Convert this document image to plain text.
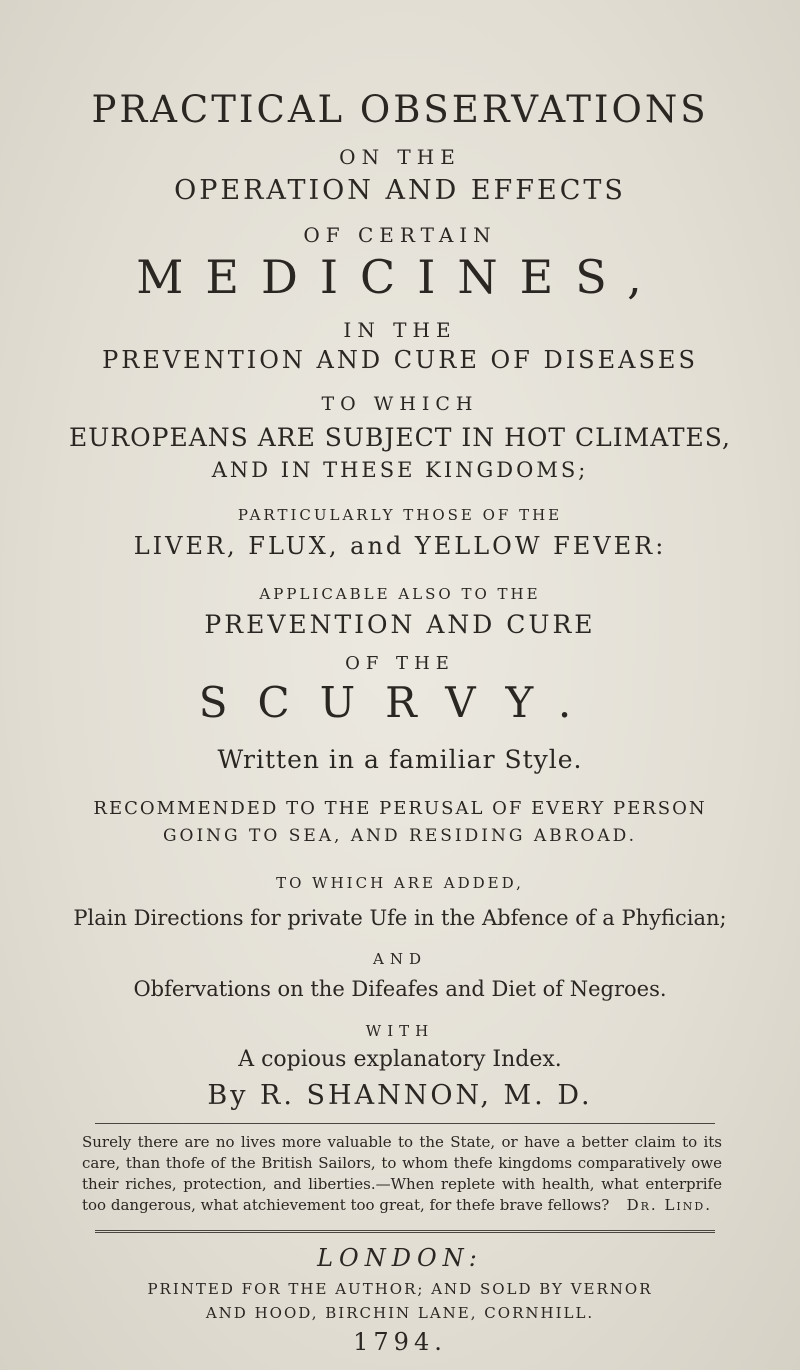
PRACTICAL OBSERVATIONS
ON THE
OPERATION AND EFFECTS
OF CERTAIN
MEDICINES,
IN THE
PREVENTION AND CURE OF DISEASES
TO WHICH
EUROPEANS ARE SUBJECT IN HOT CLIMATES,
AND IN THESE KINGDOMS;
PARTICULARLY THOSE OF THE
LIVER, FLUX, and YELLOW FEVER:
APPLICABLE ALSO TO THE
PREVENTION AND CURE
OF THE
SCURVY.
Written in a familiar Style.
RECOMMENDED TO THE PERUSAL OF EVERY PERSON
GOING TO SEA, AND RESIDING ABROAD.
TO WHICH ARE ADDED,
Plain Directions for private Ufe in the Abfence of a Phyfician;
AND
Obfervations on the Difeafes and Diet of Negroes.
WITH
A copious explanatory Index.
By R. SHANNON, M. D.

Surely there are no lives more valuable to the State, or have a better claim to its care, than thofe of the British Sailors, to whom thefe kingdoms comparatively owe their riches, protection, and liberties.—When replete with health, what enterprife too dangerous, what atchievement too great, for thefe brave fellows?	Dr. Lind.
LONDON:
PRINTED FOR THE AUTHOR; AND SOLD BY VERNOR
AND HOOD, BIRCHIN LANE, CORNHILL.
1794.
